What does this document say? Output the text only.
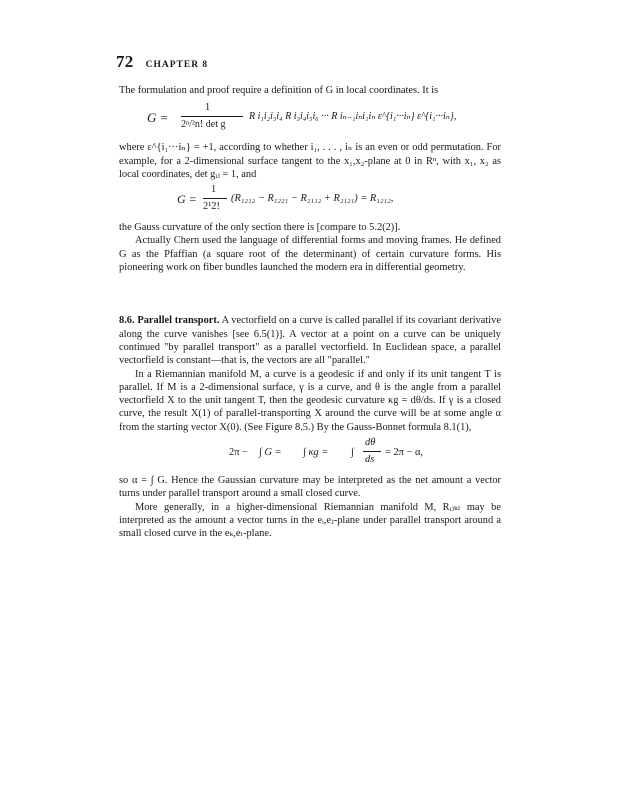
72 CHAPTER 8

The formulation and proof require a definition of G in local coordinates. It is

G =
1
2ⁿ/²n! det g
R i₁i₂i₃i₄ R i₃i₄i₅i₆ ··· R iₙ₋₁iₙi₁iₙ ε^{i₁···iₙ} ε^{i₁···iₙ},

where ε^{i₁···iₙ} = +1, according to whether i₁, . . . , iₙ is an even or odd permutation. For example, for a 2-dimensional surface tangent to the x₁,x₂-plane at 0 in Rⁿ, with x₁, x₂ as local coordinates, det gᵢⱼ = 1, and

G =
1
2¹2!
(R₁₂₁₂ − R₁₂₂₁ − R₂₁₁₂ + R₂₁₂₁) = R₁₂₁₂,

the Gauss curvature of the only section there is [compare to 5.2(2)].

Actually Chern used the language of differential forms and moving frames. He defined G as the Pfaffian (a square root of the determinant) of certain curvature forms. His pioneering work on fiber bundles launched the modern era in differential geometry.

8.6. Parallel transport. A vectorfield on a curve is called parallel if its covariant derivative along the curve vanishes [see 6.5(1)]. A vector at a point on a curve can be uniquely continued "by parallel transport" as a parallel vectorfield. In Euclidean space, a parallel vectorfield is constant—that is, the vectors are all "parallel."

In a Riemannian manifold M, a curve is a geodesic if and only if its unit tangent T is parallel. If M is a 2-dimensional surface, γ is a curve, and θ is the angle from a parallel vectorfield X to the unit tangent T, then the geodesic curvature κg = dθ/ds. If γ is a closed curve, the result X(1) of parallel-transporting X around the curve will be at some angle α from the starting vector X(0). (See Figure 8.5.) By the Gauss-Bonnet formula 8.1(1),

2π − ∫ G = ∫ κg = ∫
dθ
ds
= 2π − α,

so α = ∫ G. Hence the Gaussian curvature may be interpreted as the net amount a vector turns under parallel transport around a small closed curve.

More generally, in a higher-dimensional Riemannian manifold M, Rᵢⱼₖₗ may be interpreted as the amount a vector turns in the eᵢ,eⱼ-plane under parallel transport around a small closed curve in the eₖ,eₗ-plane.
